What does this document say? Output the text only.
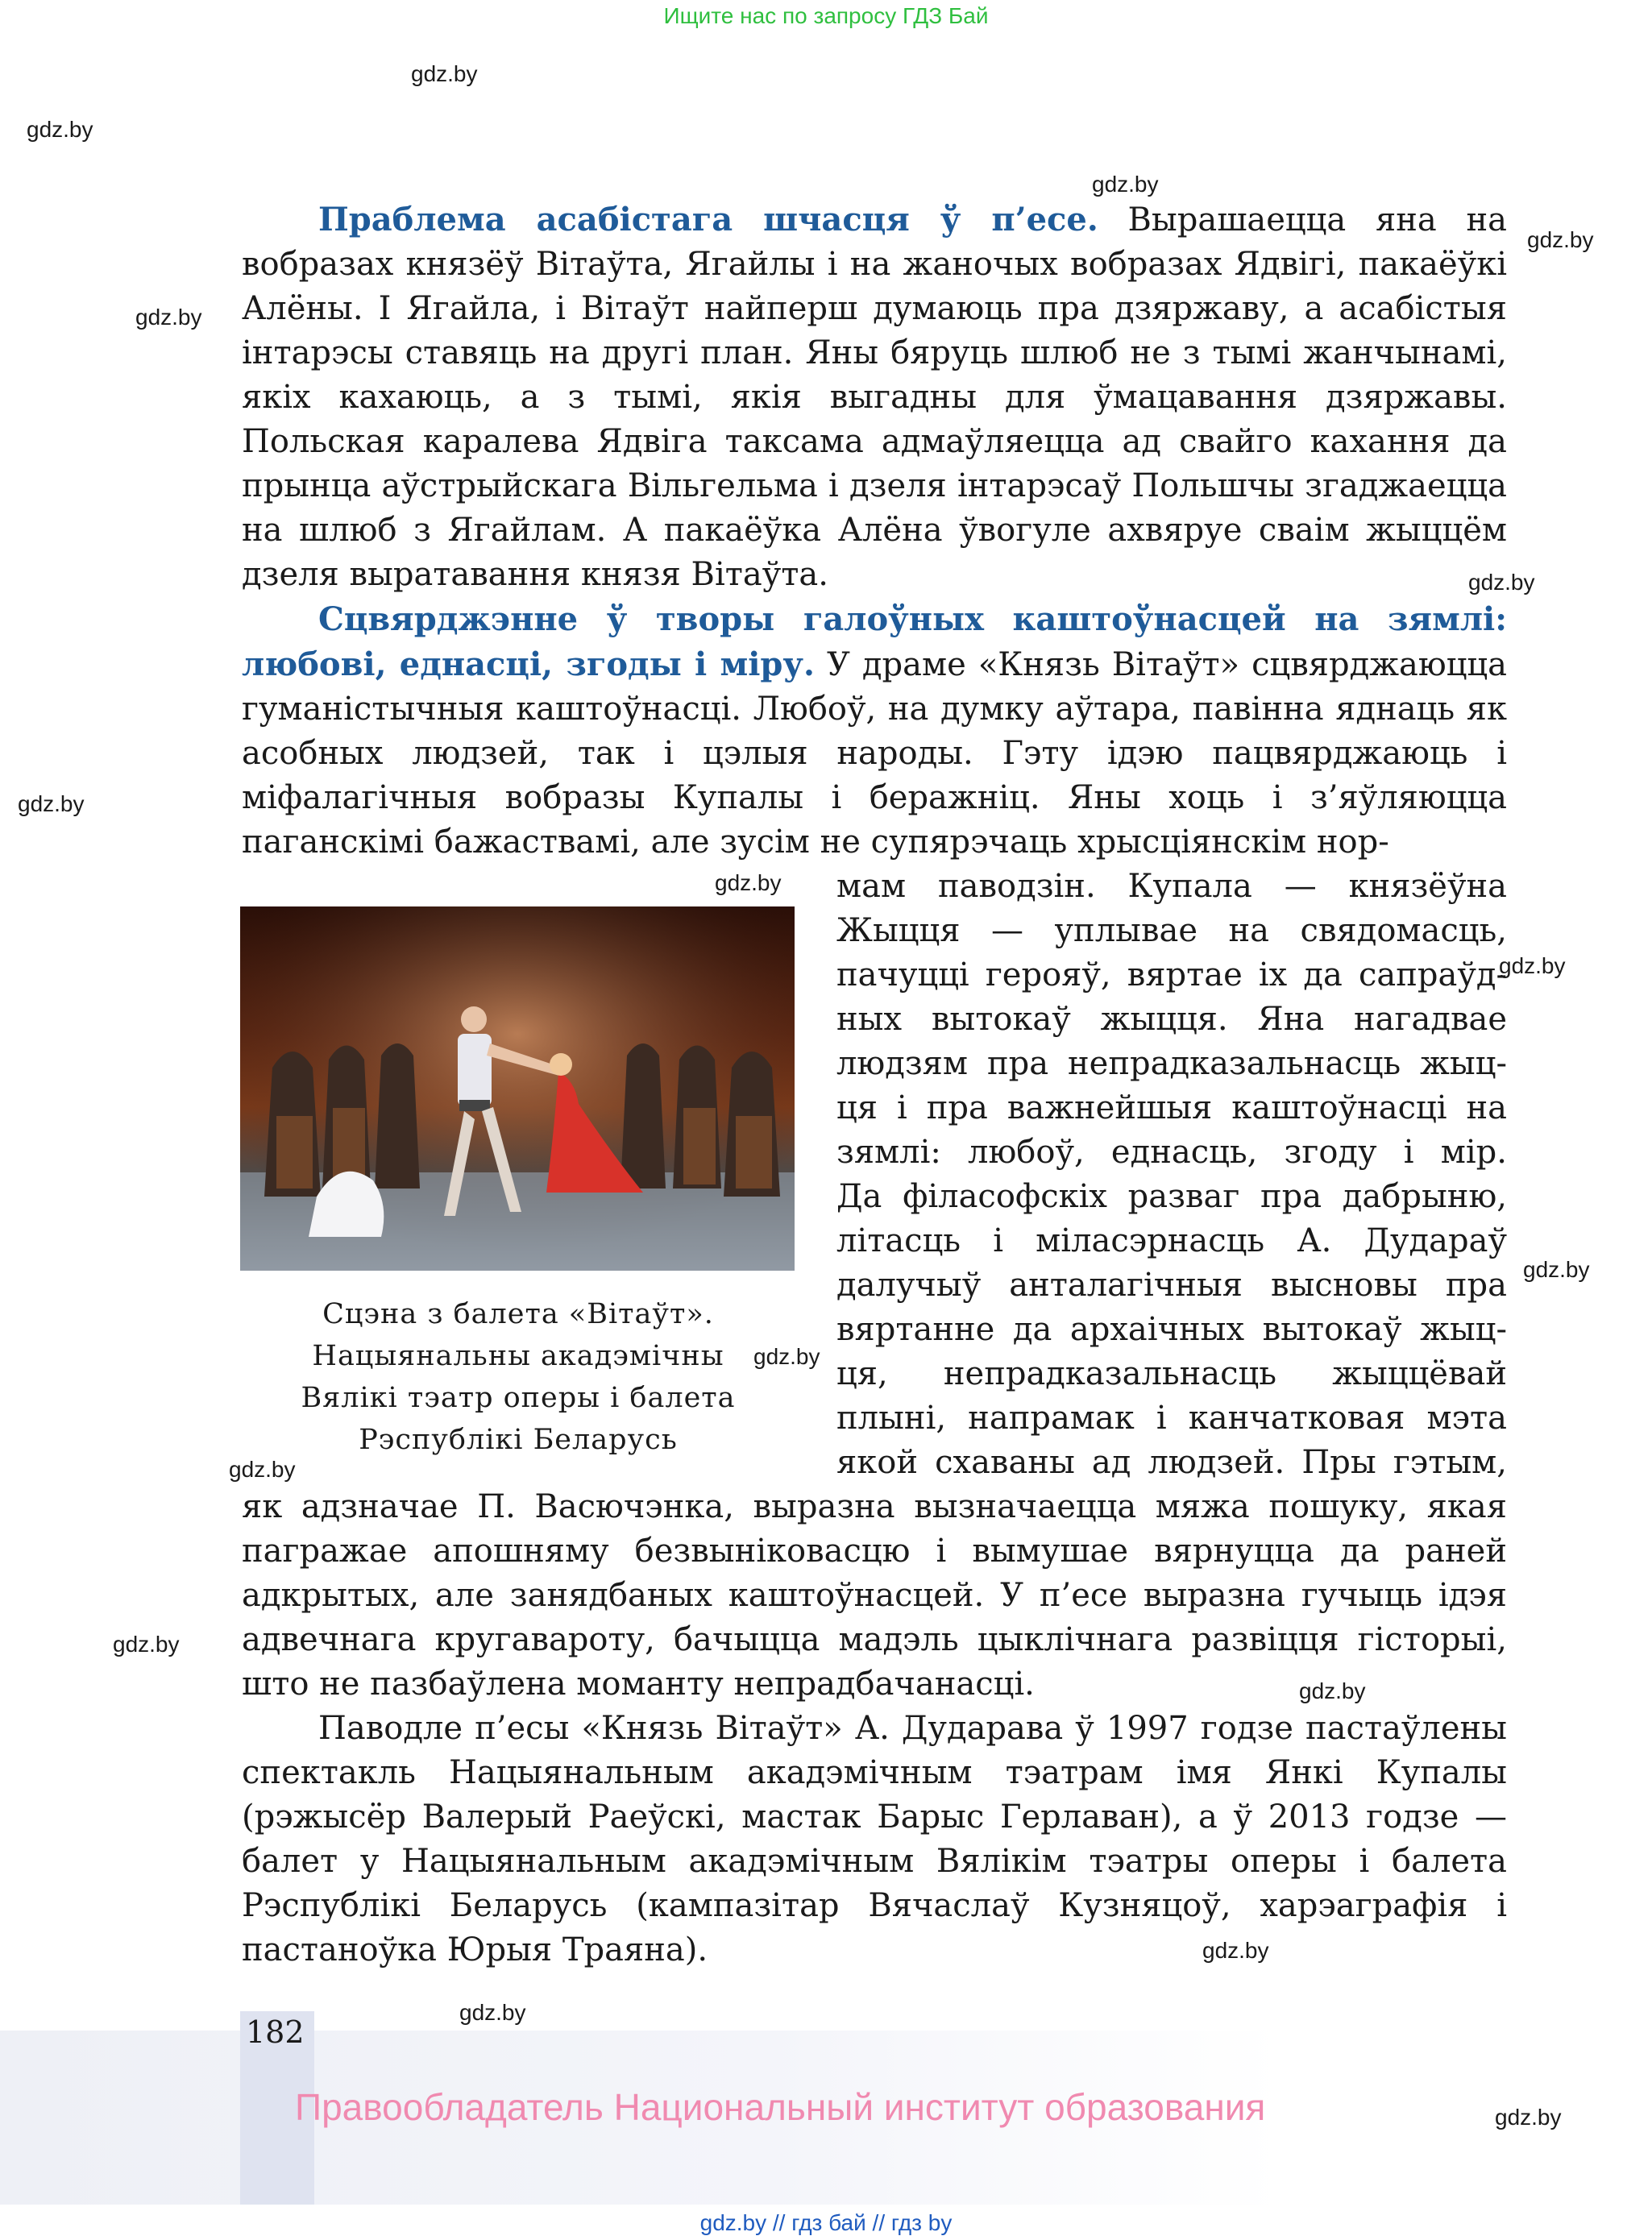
Ищите нас по запросу ГДЗ Бай
gdz.by
gdz.by
gdz.by
gdz.by
gdz.by
gdz.by
gdz.by
gdz.by
gdz.by
gdz.by
gdz.by
gdz.by
gdz.by
gdz.by
gdz.by
gdz.by
gdz.by

Праблема асабістага шчасця ў п’есе. Вырашаецца яна на вобразах князёў Вітаўта, Ягайлы і на жаночых вобразах Ядвігі, пакаёўкі Алёны. І Ягайла, і Вітаўт найперш думаюць пра дзяржаву, а асабістыя інтарэсы ставяць на другі план. Яны бяруць шлюб не з тымі жанчынамі, якіх кахаюць, а з тымі, якія выгадны для ўмацавання дзяржавы. Польская каралева Ядвіга таксама адмаўляецца ад свайго кахання да прынца аўстрыйскага Вільгельма і дзеля інтарэсаў Польшчы згаджаецца на шлюб з Ягайлам. А пакаёўка Алёна ўвогуле ахвяруе сваім жыццём дзеля выратавання князя Вітаўта.

Сцвярджэнне ў творы галоўных каштоўнасцей на зямлі: любові, еднасці, згоды і міру. У драме «Князь Вітаўт» сцвярджаюцца гуманістычныя каштоўнасці. Любоў, на думку аўтара, павінна яднаць як асобных людзей, так і цэлыя народы. Гэту ідэю пацвярджаюць і міфалагічныя вобразы Купалы і беражніц. Яны хоць і з’яўляюцца паганскімі бажаствамі, але зусім не супярэчаць хрысціянскім нор-

Сцэна з балета «Вітаўт».
Нацыянальны акадэмічны
Вялікі тэатр оперы і балета
Рэспублікі Беларусь
мам паводзін. Купала — князёўна
Жыцця — уплывае на свядомасць,
пачуцці герояў, вяртае іх да сапраўд-
ных вытокаў жыцця. Яна нагадвае
людзям пра непрадказальнасць жыц-
ця і пра важнейшыя каштоўнасці на
зямлі: любоў, еднасць, згоду і мір.
Да філасофскіх разваг пра дабрыню,
літасць і міласэрнасць А. Дудараў
далучыў анталагічныя высновы пра
вяртанне да архаічных вытокаў жыц-
ця, непрадказальнасць жыццёвай
плыні, напрамак і канчатковая мэта
якой схаваны ад людзей. Пры гэтым,

як адзначае П. Васючэнка, выразна вызначаецца мяжа пошуку, якая пагражае апошняму безвыніковасцю і вымушае вярнуцца да раней адкрытых, але занядбаных каштоўнасцей. У п’есе выразна гучыць ідэя адвечнага кругавароту, бачыцца мадэль цыклічнага развіцця гісторыі, што не пазбаўлена моманту непрадбачанасці.

Паводле п’есы «Князь Вітаўт» А. Дударава ў 1997 годзе пастаўлены спектакль Нацыянальным акадэмічным тэатрам імя Янкі Купалы (рэжысёр Валерый Раеўскі, мастак Барыс Герлаван), а ў 2013 годзе — балет у Нацыянальным акадэмічным Вялікім тэатры оперы і балета Рэспублікі Беларусь (кампазітар Вячаслаў Кузняцоў, харэаграфія і пастаноўка Юрыя Траяна).

182
Правообладатель Национальный институт образования
gdz.by // гдз бай // гдз by
